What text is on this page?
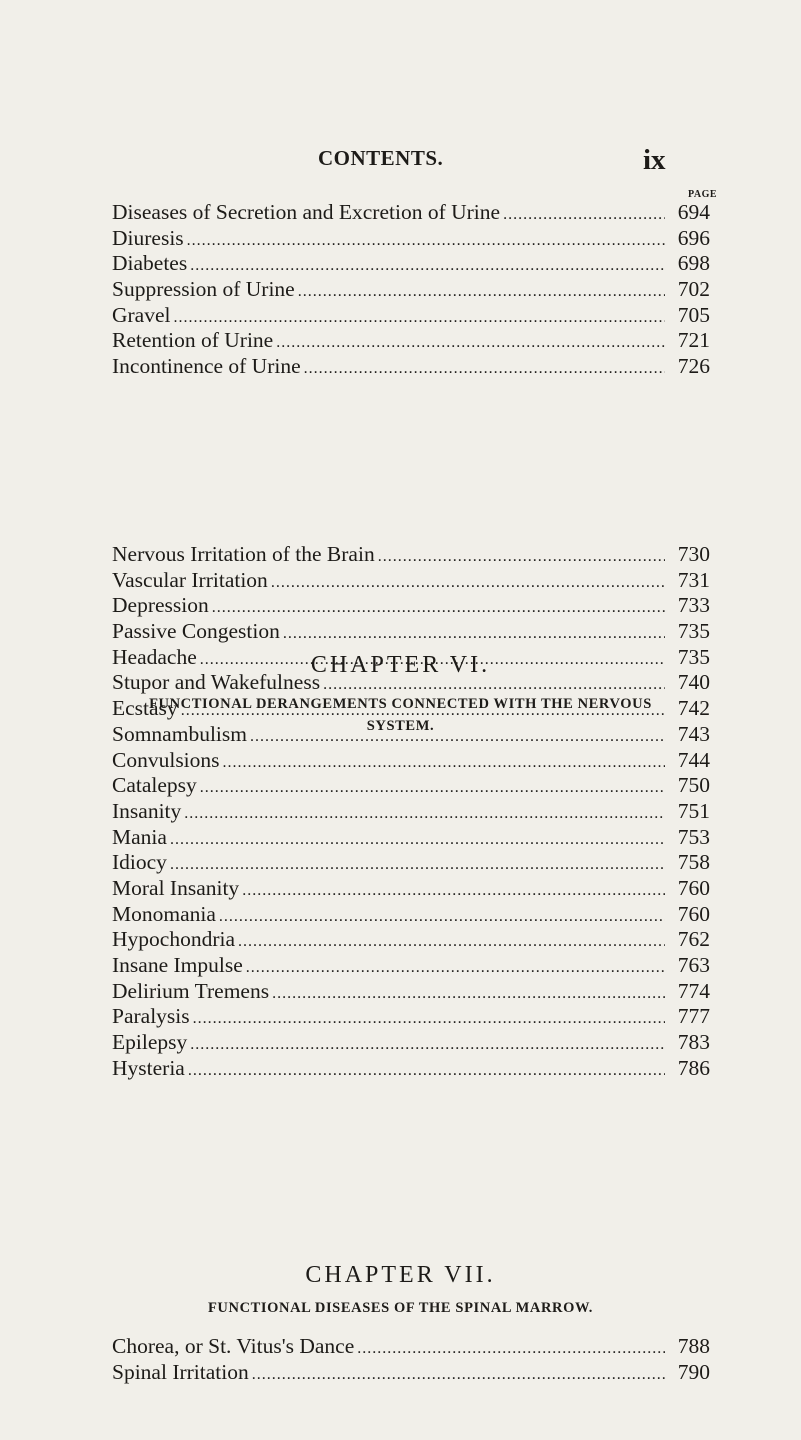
CONTENTS.	ix
PAGE
Diseases of Secretion and Excretion of Urine .....	694
Diuresis .....	696
Diabetes .....	698
Suppression of Urine .....	702
Gravel .....	705
Retention of Urine .....	721
Incontinence of Urine .....	726
CHAPTER VI.
FUNCTIONAL DERANGEMENTS CONNECTED WITH THE NERVOUS
SYSTEM.
Nervous Irritation of the Brain .....	730
Vascular Irritation .....	731
Depression .....	733
Passive Congestion .....	735
Headache .....	735
Stupor and Wakefulness .....	740
Ecstasy .....	742
Somnambulism .....	743
Convulsions .....	744
Catalepsy .....	750
Insanity .....	751
Mania .....	753
Idiocy .....	758
Moral Insanity .....	760
Monomania .....	760
Hypochondria .....	762
Insane Impulse .....	763
Delirium Tremens .....	774
Paralysis .....	777
Epilepsy .....	783
Hysteria .....	786
CHAPTER VII.
FUNCTIONAL DISEASES OF THE SPINAL MARROW.
Chorea, or St. Vitus's Dance .....	788
Spinal Irritation .....	790
